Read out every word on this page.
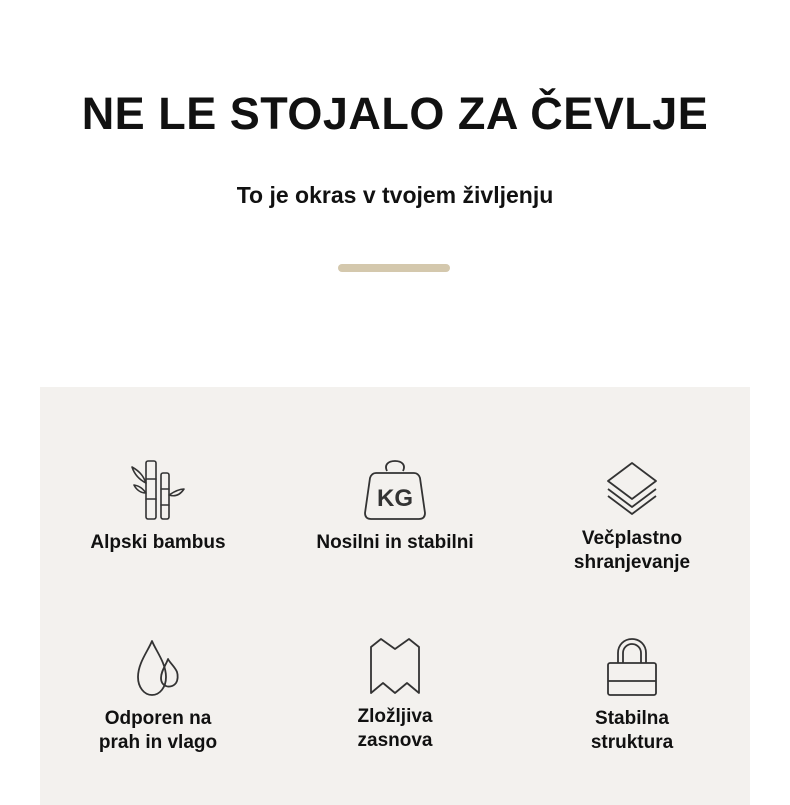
NE LE STOJALO ZA ČEVLJE

To je okras v tvojem življenju

Alpski bambus
KG
Nosilni in stabilni	Večplastno
shranjevanje
Odporen na
prah in vlago
Zložljiva
zasnova
Stabilna
struktura
